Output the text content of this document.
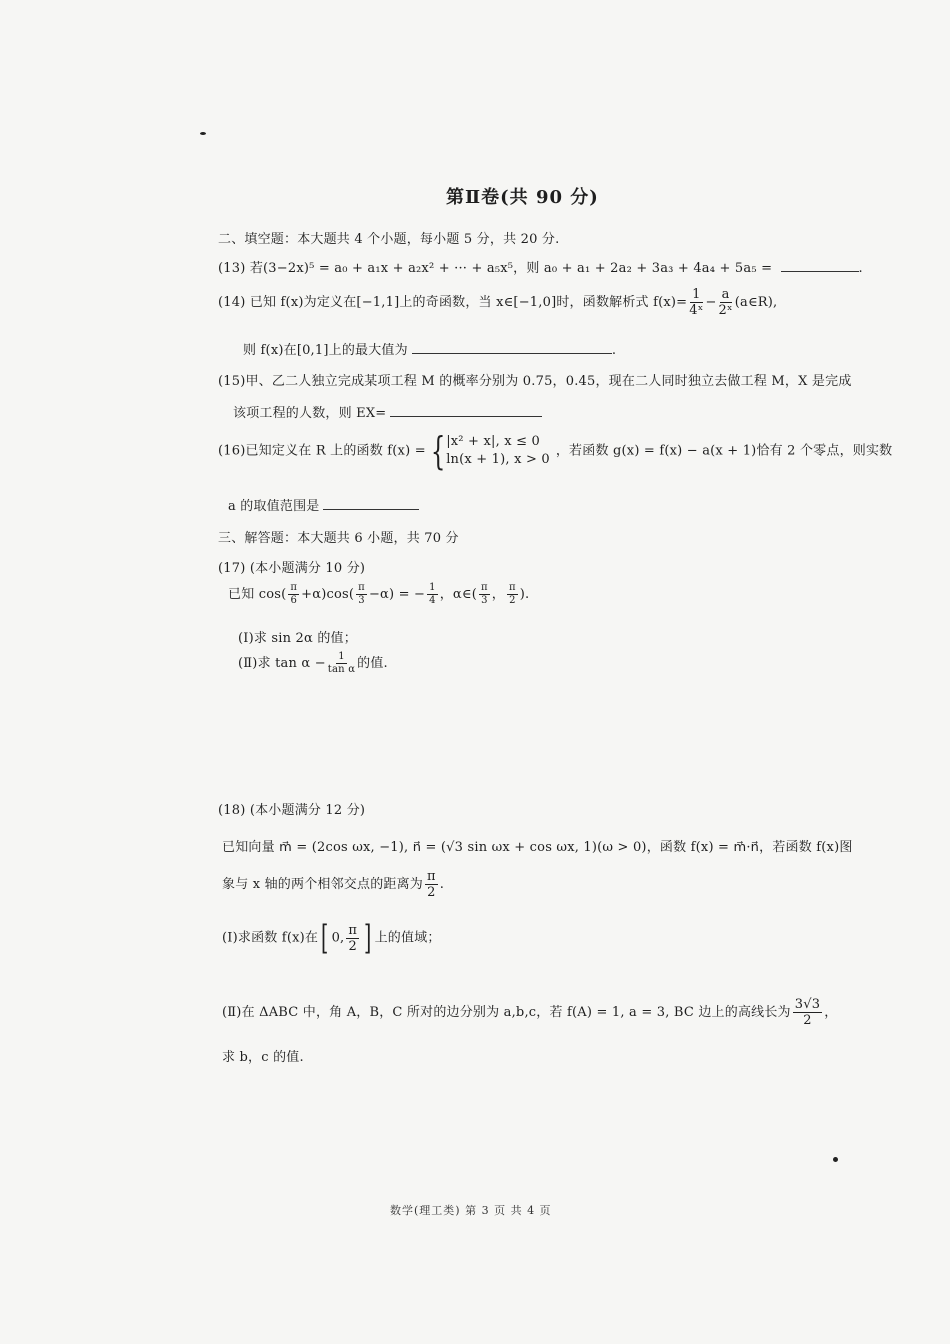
第Ⅱ卷(共 90 分)
二、填空题：本大题共 4 个小题，每小题 5 分，共 20 分.
(13) 若(3−2x)⁵ = a₀ + a₁x + a₂x² + ··· + a₅x⁵，则 a₀ + a₁ + 2a₂ + 3a₃ + 4a₄ + 5a₅ =	.
(14) 已知 f(x)为定义在[−1,1]上的奇函数，当 x∈[−1,0]时，函数解析式 $f(x)= \frac{1}{\text{4ˣ}} - \frac{a}{\text{2ˣ}}$ (a∈R),
则 f(x)在[0,1]上的最大值为	.
(15)甲、乙二人独立完成某项工程 M 的概率分别为 0.75，0.45，现在二人同时独立去做工程 M，X 是完成
该项工程的人数，则 EX=
(16)已知定义在 R 上的函数 f(x) = { |x² + x|, x ≤ 0
ln(x + 1), x > 0
，若函数 g(x) = f(x) − a(x + 1)恰有 2 个零点，则实数
a 的取值范围是
三、解答题：本大题共 6 小题，共 70 分
(17) (本小题满分 10 分)
已知 $\cos( \frac{\pi}{6} +\alpha)\cos( \frac{\pi}{3} -\alpha)$ = − $\frac{1}{4}$ ，α∈( $\frac{\pi}{3}$ ， $\frac{\pi}{2}$ ).
(Ⅰ)求 sin 2α 的值；
(Ⅱ)求 $\tan \alpha - \frac{1}{\text{tan α}}$ 的值.
(18) (本小题满分 12 分)
已知向量 m⃗ = (2cos ωx, −1), n⃗ = (√3 sin ωx + cos ωx, 1)(ω > 0)，函数 f(x) = m⃗·n⃗，若函数 f(x)图
象与 x 轴的两个相邻交点的距离为 $\frac{\pi}{2}$ .
(Ⅰ)求函数 f(x)在[ 0, $\frac{\pi}{2}$ ] 上的值域；
(Ⅱ)在 ΔABC 中，角 A，B，C 所对的边分别为 a,b,c，若 f(A) = 1, a = 3, BC 边上的高线长为 $\frac{3√3}{2}$ ，
求 b，c 的值.
数学(理工类) 第 3 页 共 4 页
